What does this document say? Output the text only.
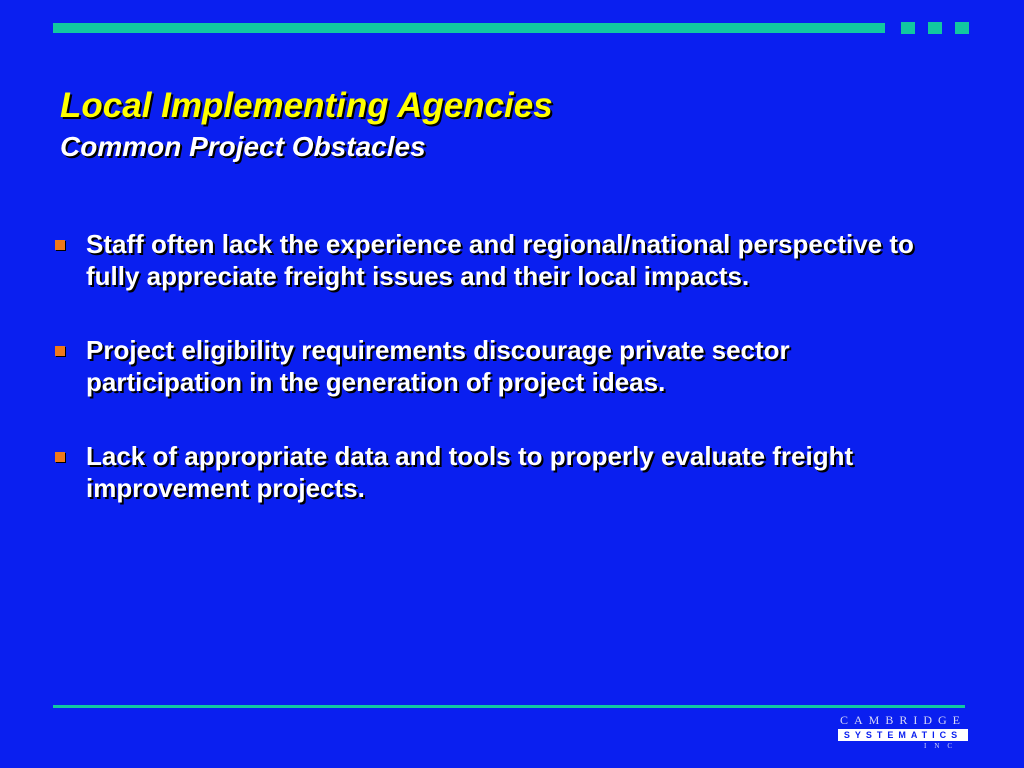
Local Implementing Agencies
Common Project Obstacles
Staff often lack the experience and regional/national perspective to fully appreciate freight issues and their local impacts.
Project eligibility requirements discourage private sector participation in the generation of project ideas.
Lack of appropriate data and tools to properly evaluate freight improvement projects.
CAMBRIDGE
SYSTEMATICS
INC
